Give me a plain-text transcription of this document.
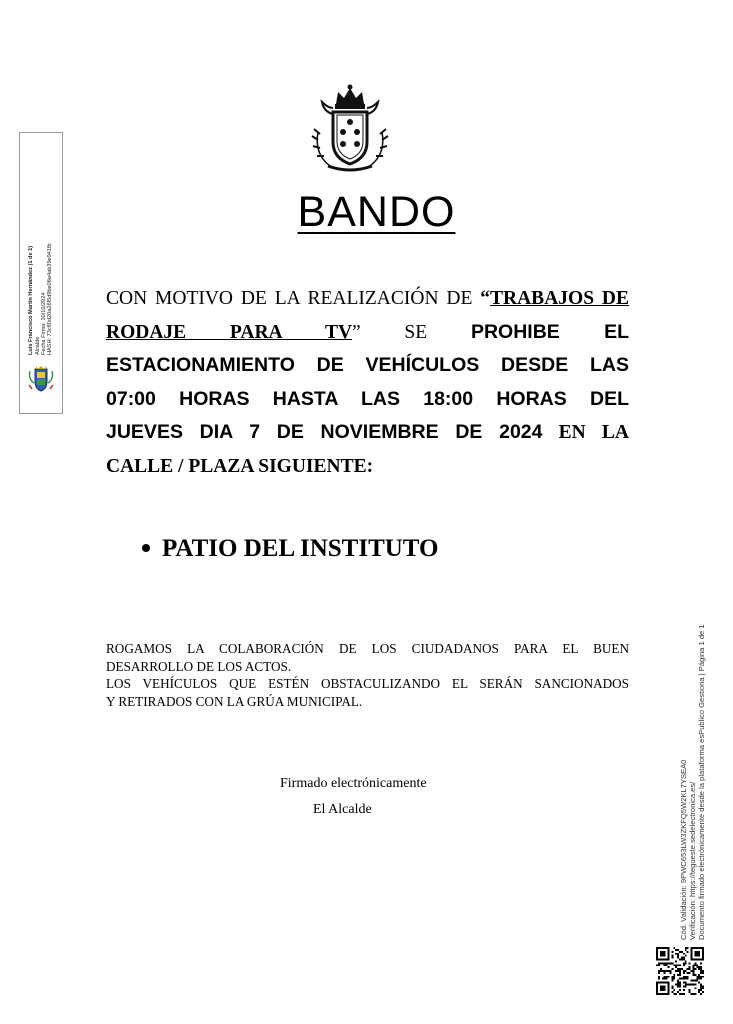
BANDO
CON MOTIVO DE LA REALIZACIÓN DE “TRABAJOS DE
RODAJE PARA TV” SE PROHIBE EL
ESTACIONAMIENTO DE VEHÍCULOS DESDE LAS
07:00 HORAS HASTA LAS 18:00 HORAS DEL
JUEVES DIA 7 DE NOVIEMBRE DE 2024 EN LA
CALLE / PLAZA SIGUIENTE:
PATIO DEL INSTITUTO
ROGAMOS LA COLABORACIÓN DE LOS CIUDADANOS PARA EL BUEN
DESARROLLO DE LOS ACTOS.
LOS VEHÍCULOS QUE ESTÉN OBSTACULIZANDO EL SERÁN SANCIONADOS
Y RETIRADOS CON LA GRÚA MUNICIPAL.
Firmado electrónicamente
El Alcalde
Luis Francisco Martín Hernández (1 de 1) Alcalde Fecha Firma: 30/10/2024 HASH: 73c80d20a26f5d9be08a4ab39e941fb
Cód. Validación: 9PWC653LW3ZKFQ5W2KL7YSEA0 Verificación: https://tegueste.sedelectronica.es/ Documento firmado electrónicamente desde la plataforma esPublico Gestiona | Página 1 de 1
